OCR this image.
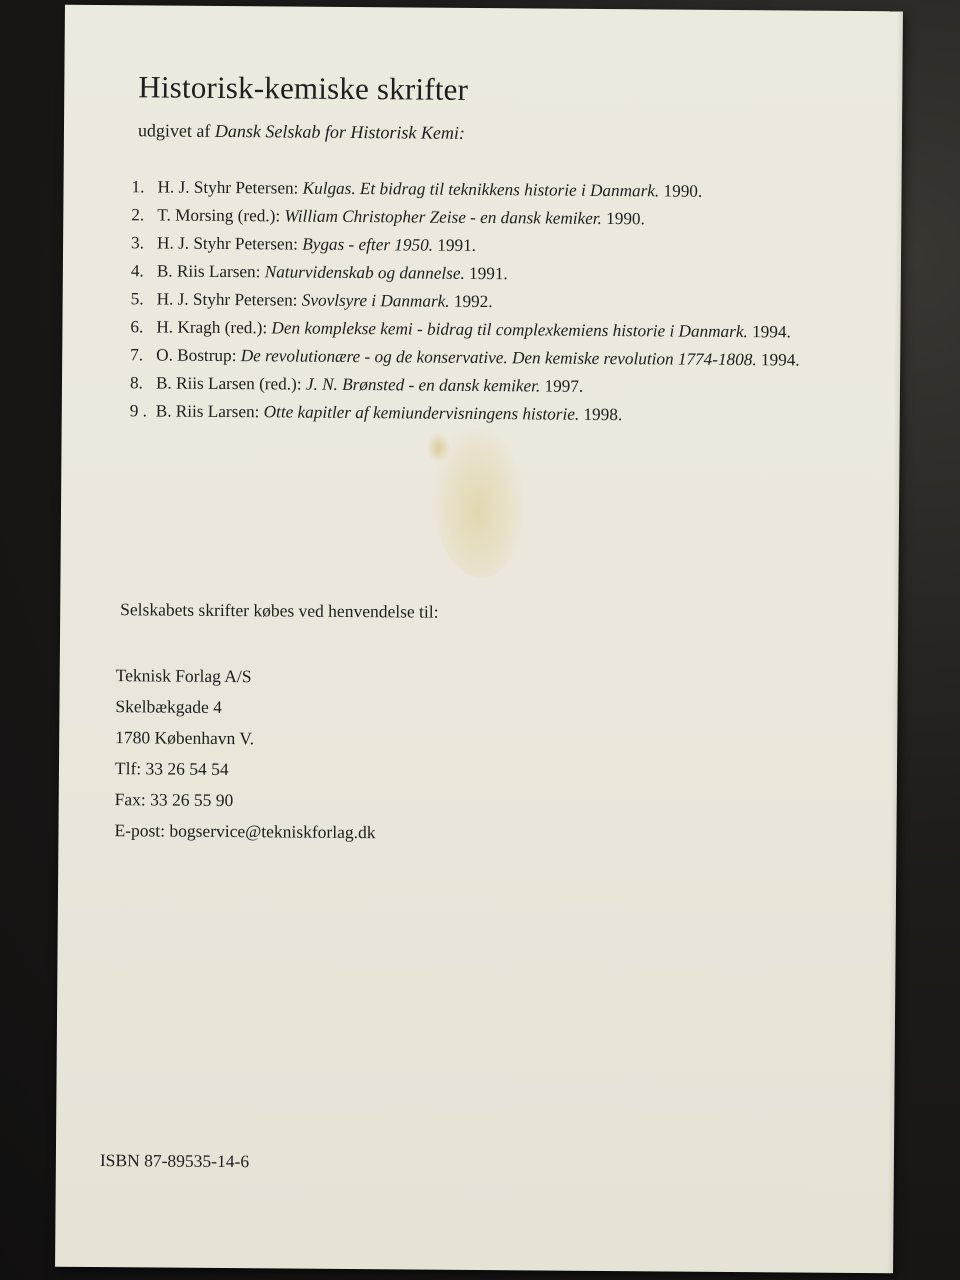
Historisk-kemiske skrifter

udgivet af Dansk Selskab for Historisk Kemi:

1. H. J. Styhr Petersen: Kulgas. Et bidrag til teknikkens historie i Danmark. 1990.
2. T. Morsing (red.): William Christopher Zeise - en dansk kemiker. 1990.
3. H. J. Styhr Petersen: Bygas - efter 1950. 1991.
4. B. Riis Larsen: Naturvidenskab og dannelse. 1991.
5. H. J. Styhr Petersen: Svovlsyre i Danmark. 1992.
6. H. Kragh (red.): Den komplekse kemi - bidrag til complexkemiens historie i Danmark. 1994.
7. O. Bostrup: De revolutionære - og de konservative. Den kemiske revolution 1774-1808. 1994.
8. B. Riis Larsen (red.): J. N. Brønsted - en dansk kemiker. 1997.
9 . B. Riis Larsen: Otte kapitler af kemiundervisningens historie. 1998.

Selskabets skrifter købes ved henvendelse til:

Teknisk Forlag A/S
Skelbækgade 4
1780 København V.
Tlf: 33 26 54 54
Fax: 33 26 55 90
E-post: bogservice@tekniskforlag.dk

ISBN 87-89535-14-6
